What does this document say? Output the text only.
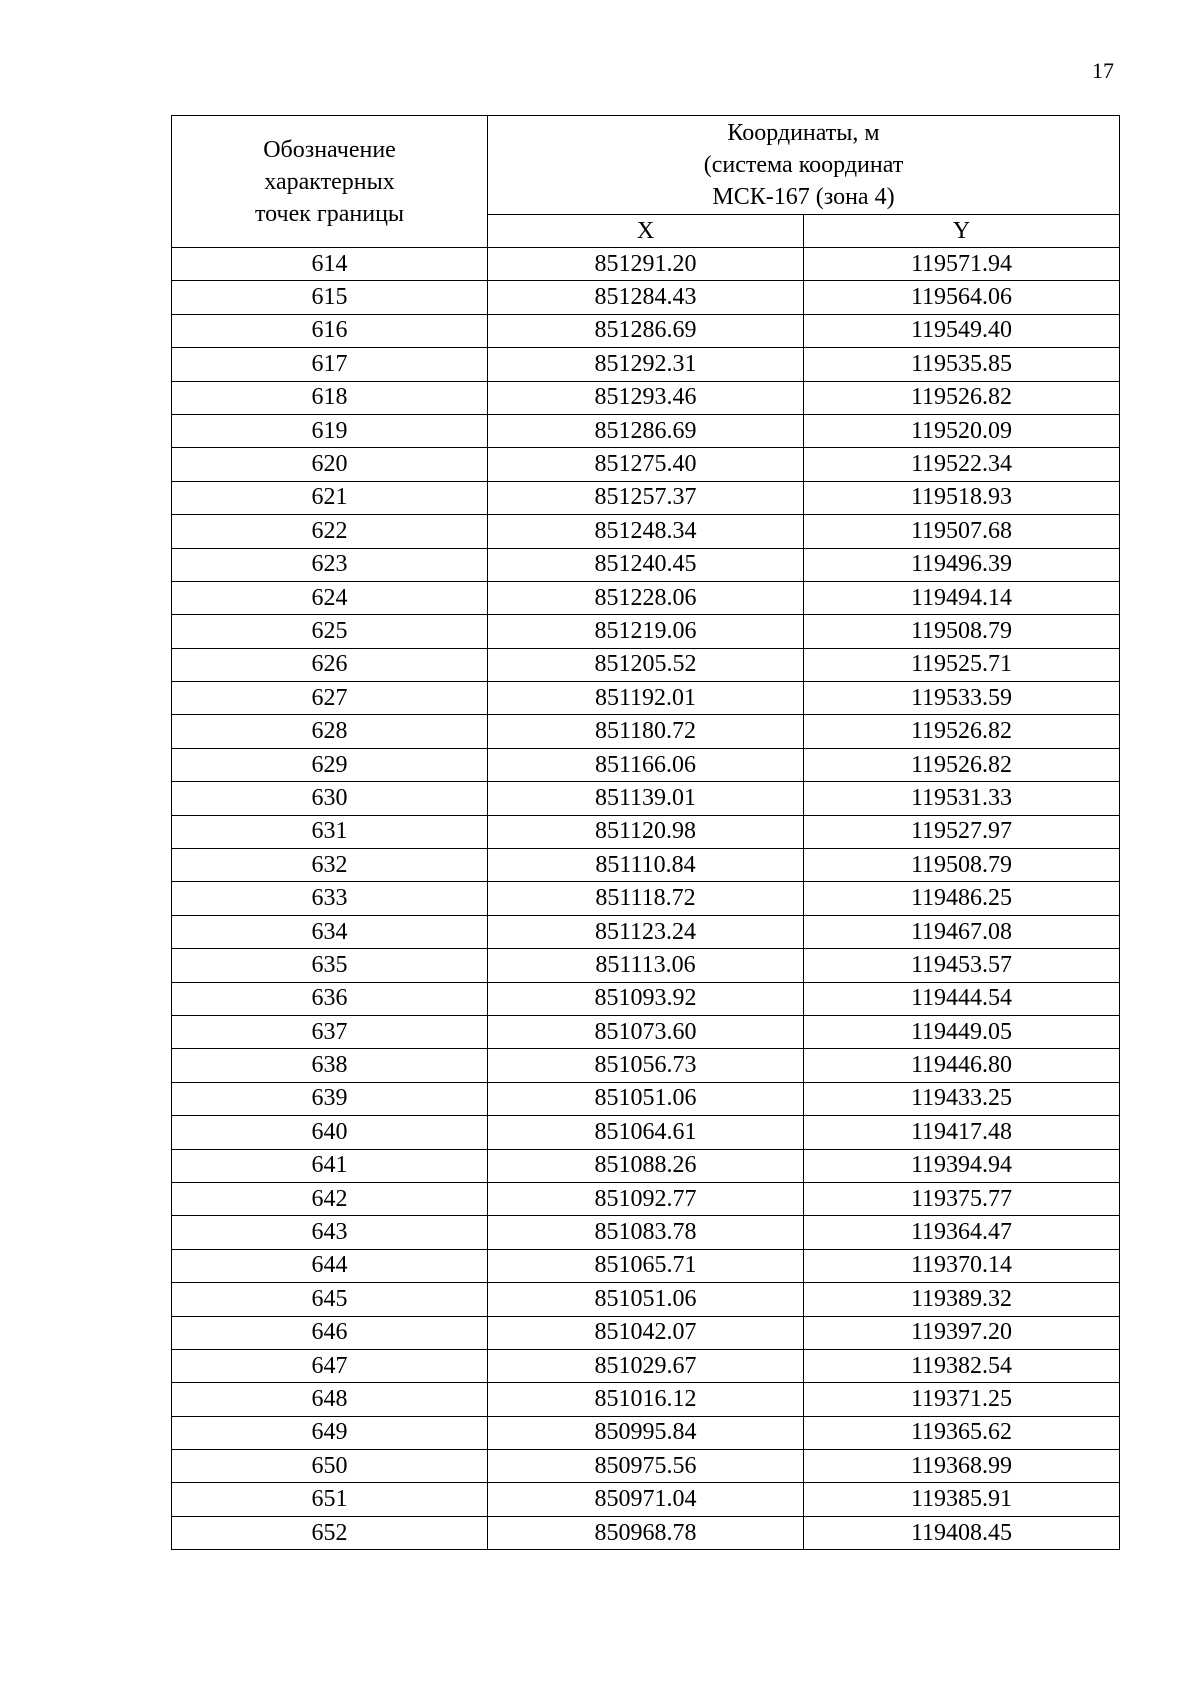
17
Обозначение
характерных
точек границы	Координаты, м
(система координат
МСК-167 (зона 4)	

	X	Y
614	851291.20	119571.94
615	851284.43	119564.06
616	851286.69	119549.40
617	851292.31	119535.85
618	851293.46	119526.82
619	851286.69	119520.09
620	851275.40	119522.34
621	851257.37	119518.93
622	851248.34	119507.68
623	851240.45	119496.39
624	851228.06	119494.14
625	851219.06	119508.79
626	851205.52	119525.71
627	851192.01	119533.59
628	851180.72	119526.82
629	851166.06	119526.82
630	851139.01	119531.33
631	851120.98	119527.97
632	851110.84	119508.79
633	851118.72	119486.25
634	851123.24	119467.08
635	851113.06	119453.57
636	851093.92	119444.54
637	851073.60	119449.05
638	851056.73	119446.80
639	851051.06	119433.25
640	851064.61	119417.48
641	851088.26	119394.94
642	851092.77	119375.77
643	851083.78	119364.47
644	851065.71	119370.14
645	851051.06	119389.32
646	851042.07	119397.20
647	851029.67	119382.54
648	851016.12	119371.25
649	850995.84	119365.62
650	850975.56	119368.99
651	850971.04	119385.91
652	850968.78	119408.45
